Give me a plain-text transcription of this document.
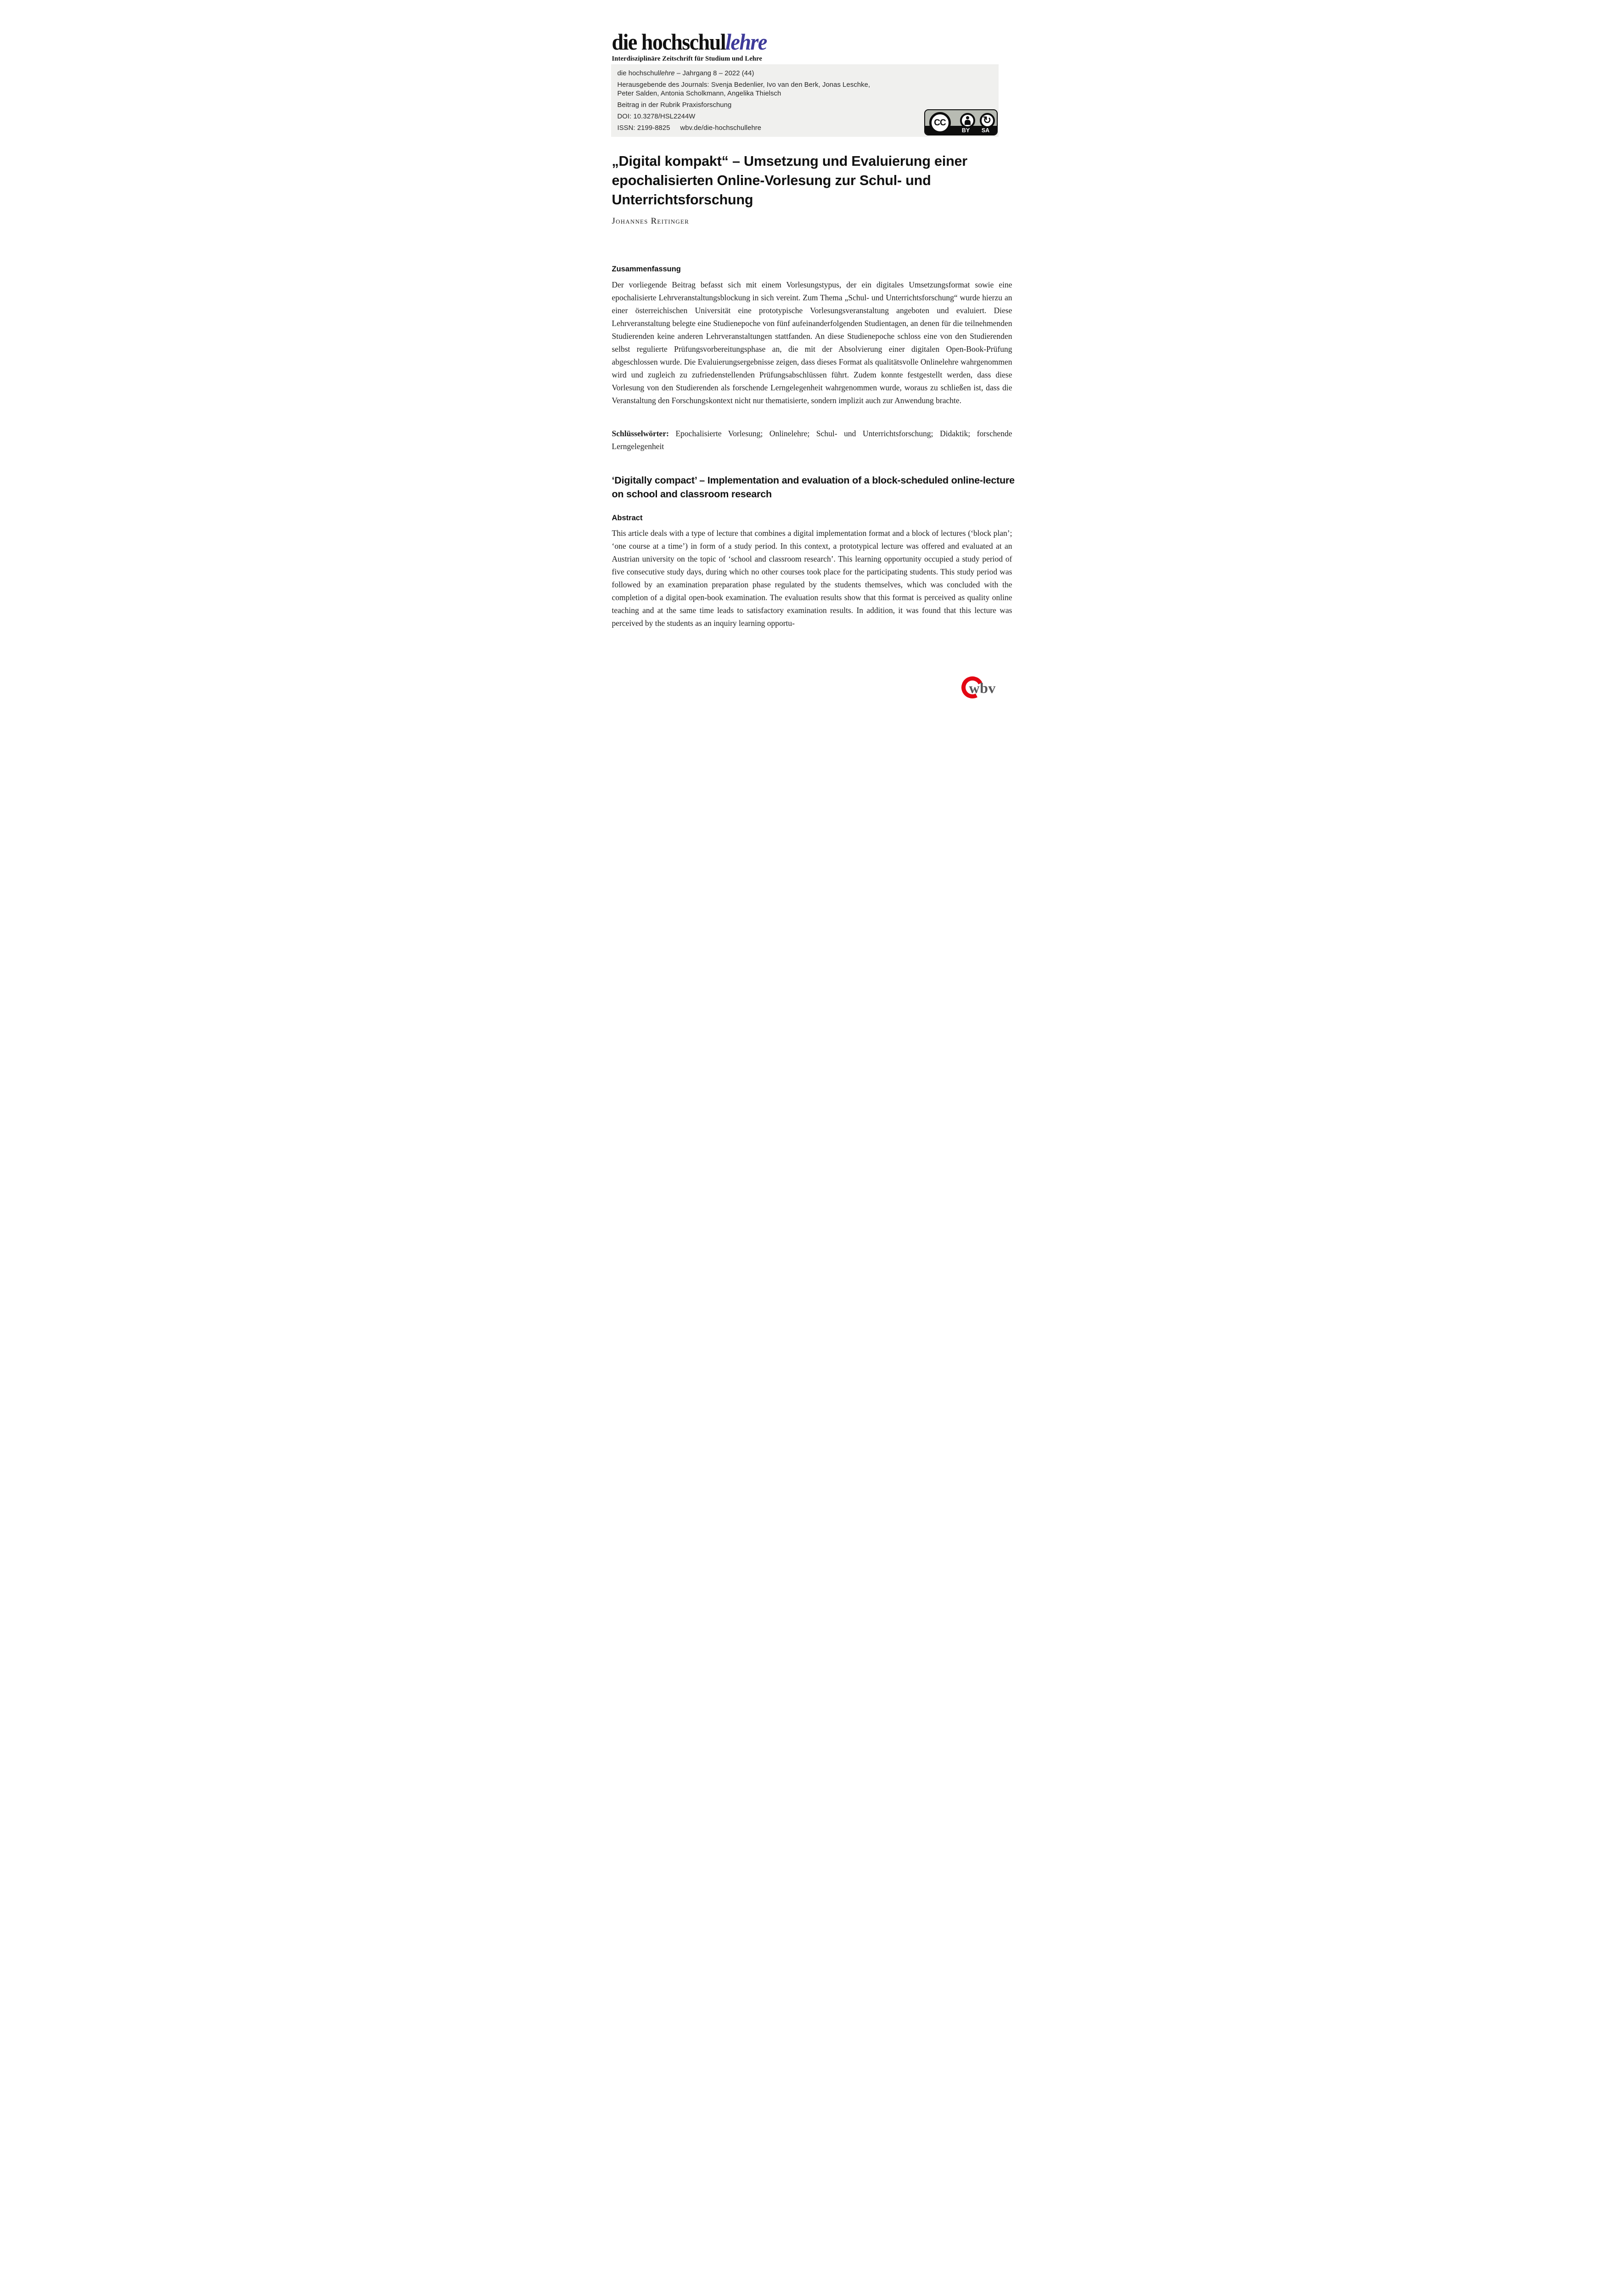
die hochschullehre
Interdisziplinäre Zeitschrift für Studium und Lehre

die hochschullehre – Jahrgang 8 – 2022 (44)

Herausgebende des Journals: Svenja Bedenlier, Ivo van den Berk, Jonas Leschke,
Peter Salden, Antonia Scholkmann, Angelika Thielsch

Beitrag in der Rubrik Praxisforschung

DOI: 10.3278/HSL2244W

ISSN: 2199-8825 wbv.de/die-hochschullehre

CC	↻
BY	SA
„Digital kompakt“ – Umsetzung und Evaluierung einer epochalisierten Online-Vorlesung zur Schul- und Unterrichtsforschung
Johannes Reitinger
Zusammenfassung

Der vorliegende Beitrag befasst sich mit einem Vorlesungstypus, der ein digitales Umsetzungsformat sowie eine epochalisierte Lehrveranstaltungsblockung in sich vereint. Zum Thema „Schul- und Unterrichtsforschung“ wurde hierzu an einer österreichischen Universität eine prototypische Vorlesungsveranstaltung angeboten und evaluiert. Diese Lehrveranstaltung belegte eine Studienepoche von fünf aufeinanderfolgenden Studientagen, an denen für die teilnehmenden Studierenden keine anderen Lehrveranstaltungen stattfanden. An diese Studienepoche schloss eine von den Studierenden selbst regulierte Prüfungsvorbereitungsphase an, die mit der Absolvierung einer digitalen Open-Book-Prüfung abgeschlossen wurde. Die Evaluierungsergebnisse zeigen, dass dieses Format als qualitätsvolle Onlinelehre wahrgenommen wird und zugleich zu zufriedenstellenden Prüfungsabschlüssen führt. Zudem konnte festgestellt werden, dass diese Vorlesung von den Studierenden als forschende Lerngelegenheit wahrgenommen wurde, woraus zu schließen ist, dass die Veranstaltung den Forschungskontext nicht nur thematisierte, sondern implizit auch zur Anwendung brachte.

Schlüsselwörter: Epochalisierte Vorlesung; Onlinelehre; Schul- und Unterrichtsforschung; Didaktik; forschende Lerngelegenheit

‘Digitally compact’ – Implementation and evaluation of a block-scheduled online-lecture on school and classroom research
Abstract

This article deals with a type of lecture that combines a digital implementation format and a block of lectures (‘block plan’; ‘one course at a time’) in form of a study period. In this context, a prototypical lecture was offered and evaluated at an Austrian university on the topic of ‘school and classroom research’. This learning opportunity occupied a study period of five consecutive study days, during which no other courses took place for the participating students. This study period was followed by an examination preparation phase regulated by the students themselves, which was concluded with the completion of a digital open-book examination. The evaluation results show that this format is perceived as quality online teaching and at the same time leads to satisfactory examination results. In addition, it was found that this lecture was perceived by the students as an inquiry learning opportu-

wbv
